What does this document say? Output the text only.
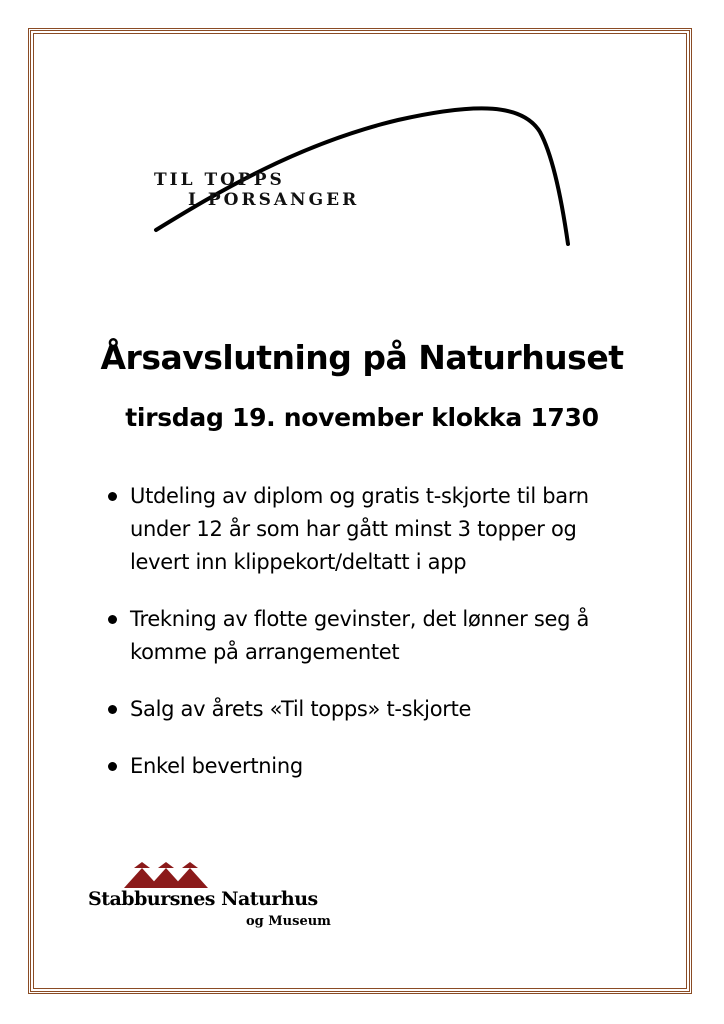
TIL TOPPS
I PORSANGER
Årsavslutning på Naturhuset
tirsdag 19. november klokka 1730
Utdeling av diplom og gratis t-skjorte til barn
under 12 år som har gått minst 3 topper og
levert inn klippekort/deltatt i app
Trekning av flotte gevinster, det lønner seg å
komme på arrangementet
Salg av årets «Til topps» t-skjorte
Enkel bevertning
Stabbursnes Naturhus
og Museum
